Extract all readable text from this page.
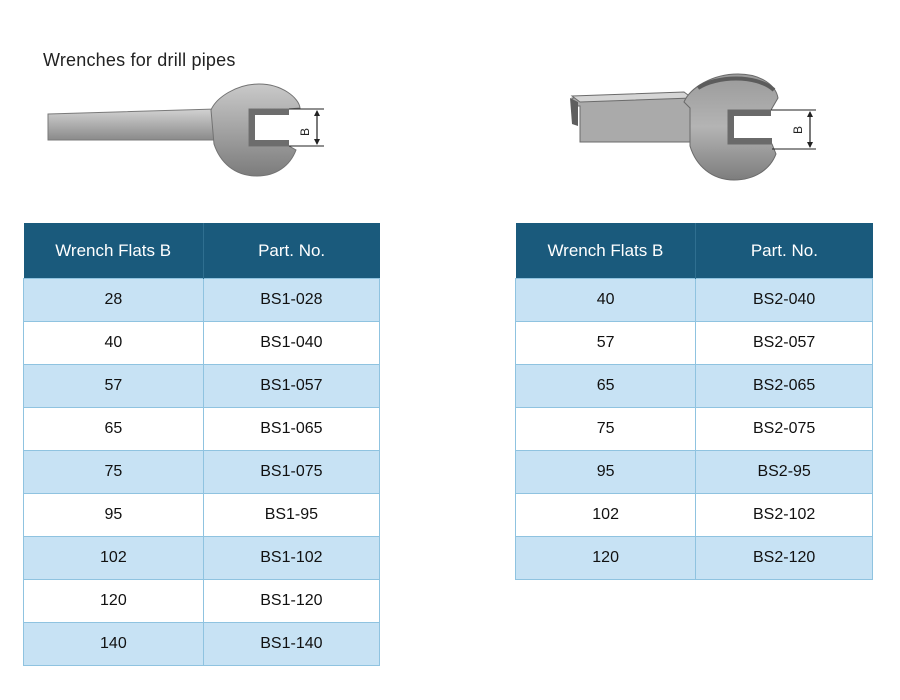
Wrenches for drill pipes
B	B
Wrench Flats B	Part. No.
28	BS1-028
40	BS1-040
57	BS1-057
65	BS1-065
75	BS1-075
95	BS1-95
102	BS1-102
120	BS1-120
140	BS1-140
Wrench Flats B	Part. No.
40	BS2-040
57	BS2-057
65	BS2-065
75	BS2-075
95	BS2-95
102	BS2-102
120	BS2-120
